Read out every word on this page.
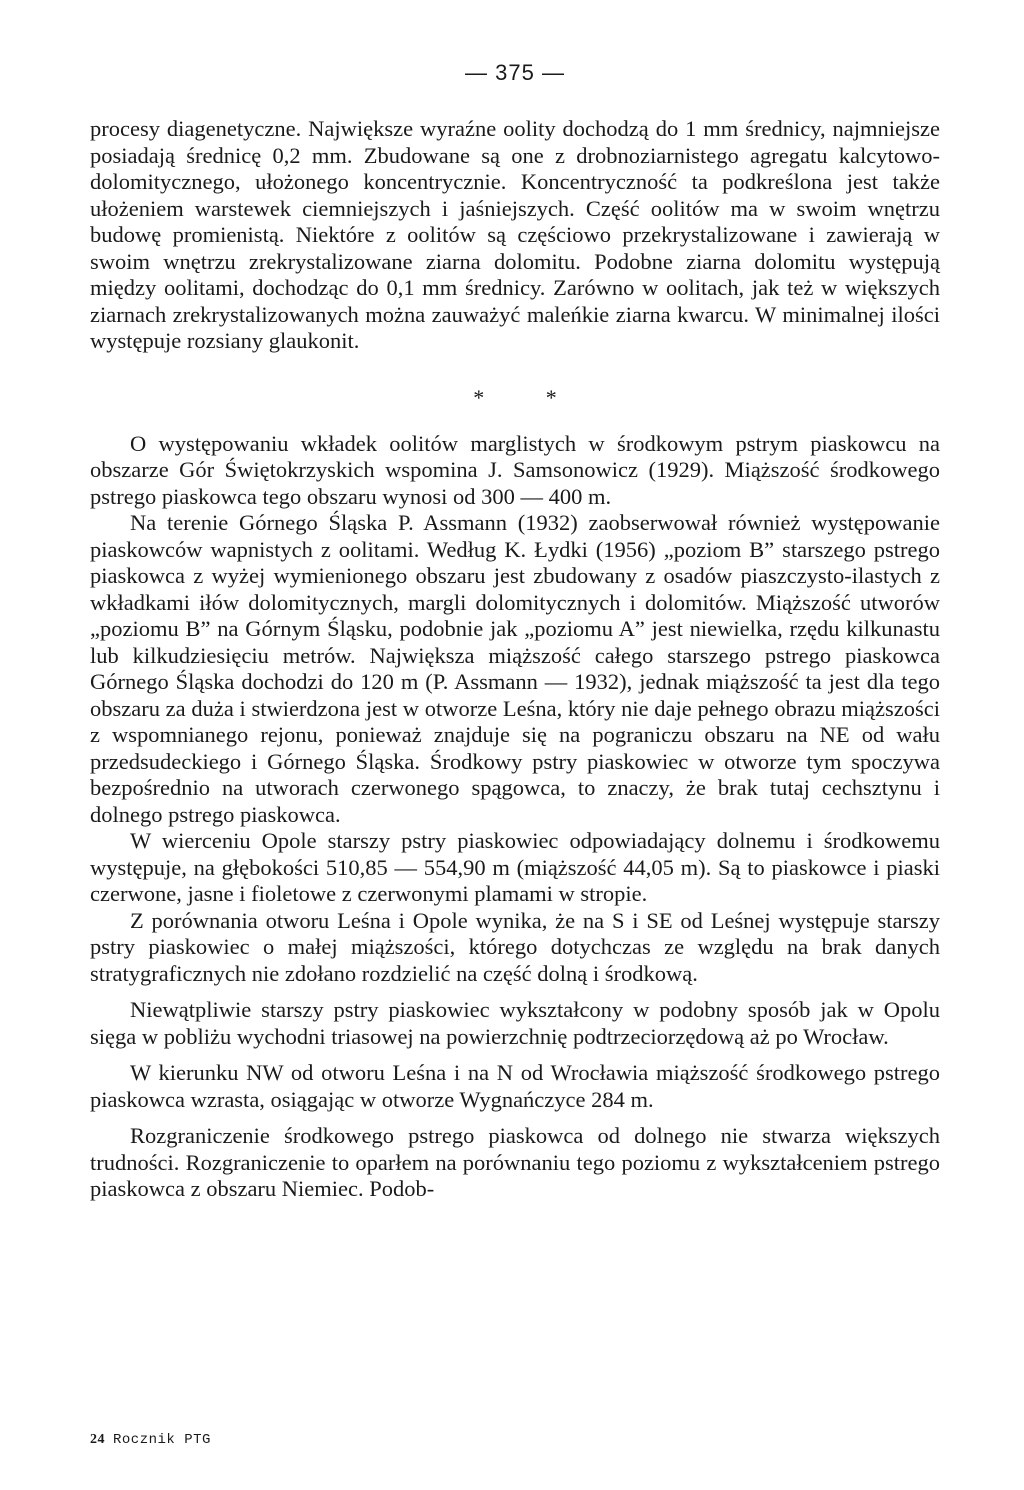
— 375 —

procesy diagenetyczne. Największe wyraźne oolity dochodzą do 1 mm średnicy, najmniejsze posiadają średnicę 0,2 mm. Zbudowane są one z drobnoziarnistego agregatu kalcytowo-dolomitycznego, ułożonego koncentrycznie. Koncentryczność ta podkreślona jest także ułożeniem warstewek ciemniejszych i jaśniejszych. Część oolitów ma w swoim wnętrzu budowę promienistą. Niektóre z oolitów są częściowo przekrystalizowane i zawierają w swoim wnętrzu zrekrystalizowane ziarna dolomitu. Podobne ziarna dolomitu występują między oolitami, dochodząc do 0,1 mm średnicy. Zarówno w oolitach, jak też w większych ziarnach zrekrystalizowanych można zauważyć maleńkie ziarna kwarcu. W minimalnej ilości występuje rozsiany glaukonit.

* *

O występowaniu wkładek oolitów marglistych w środkowym pstrym piaskowcu na obszarze Gór Świętokrzyskich wspomina J. Samsonowicz (1929). Miąższość środkowego pstrego piaskowca tego obszaru wynosi od 300 — 400 m.

Na terenie Górnego Śląska P. Assmann (1932) zaobserwował również występowanie piaskowców wapnistych z oolitami. Według K. Łydki (1956) „poziom B” starszego pstrego piaskowca z wyżej wymienionego obszaru jest zbudowany z osadów piaszczysto-ilastych z wkładkami iłów dolomitycznych, margli dolomitycznych i dolomitów. Miąższość utworów „poziomu B” na Górnym Śląsku, podobnie jak „poziomu A” jest niewielka, rzędu kilkunastu lub kilkudziesięciu metrów. Największa miąższość całego starszego pstrego piaskowca Górnego Śląska dochodzi do 120 m (P. Assmann — 1932), jednak miąższość ta jest dla tego obszaru za duża i stwierdzona jest w otworze Leśna, który nie daje pełnego obrazu miąższości z wspomnianego rejonu, ponieważ znajduje się na pograniczu obszaru na NE od wału przedsudeckiego i Górnego Śląska. Środkowy pstry piaskowiec w otworze tym spoczywa bezpośrednio na utworach czerwonego spągowca, to znaczy, że brak tutaj cechsztynu i dolnego pstrego piaskowca.

W wierceniu Opole starszy pstry piaskowiec odpowiadający dolnemu i środkowemu występuje, na głębokości 510,85 — 554,90 m (miąższość 44,05 m). Są to piaskowce i piaski czerwone, jasne i fioletowe z czerwonymi plamami w stropie.

Z porównania otworu Leśna i Opole wynika, że na S i SE od Leśnej występuje starszy pstry piaskowiec o małej miąższości, którego dotychczas ze względu na brak danych stratygraficznych nie zdołano rozdzielić na część dolną i środkową.

Niewątpliwie starszy pstry piaskowiec wykształcony w podobny sposób jak w Opolu sięga w pobliżu wychodni triasowej na powierzchnię podtrzeciorzędową aż po Wrocław.

W kierunku NW od otworu Leśna i na N od Wrocławia miąższość środkowego pstrego piaskowca wzrasta, osiągając w otworze Wygnańczyce 284 m.

Rozgraniczenie środkowego pstrego piaskowca od dolnego nie stwarza większych trudności. Rozgraniczenie to oparłem na porównaniu tego poziomu z wykształceniem pstrego piaskowca z obszaru Niemiec. Podob-

24 Rocznik PTG
